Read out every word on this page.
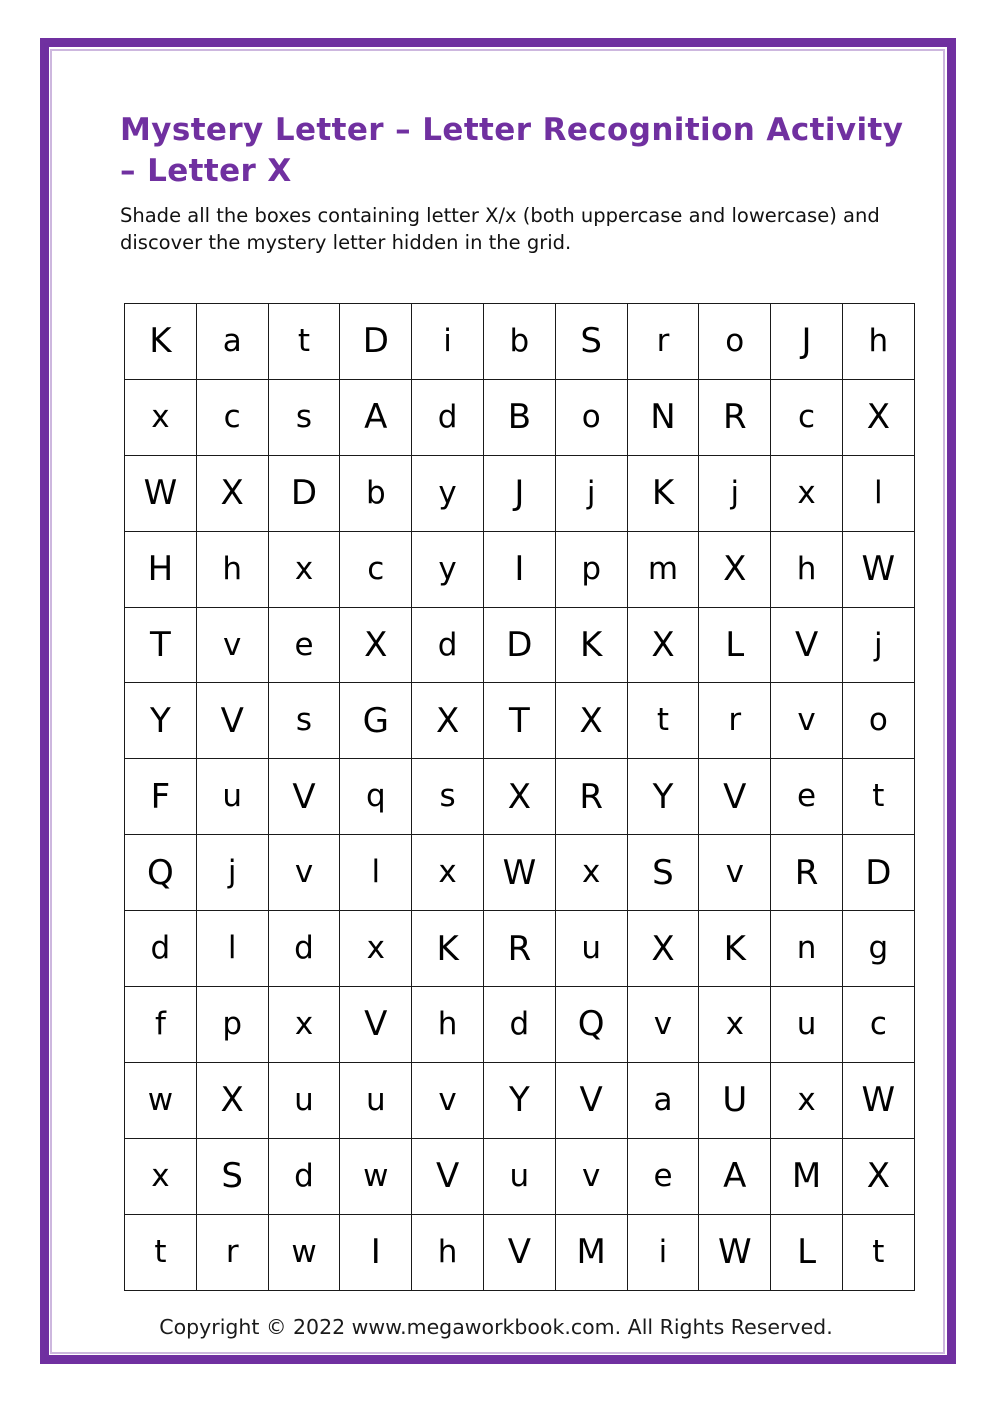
Mystery Letter – Letter Recognition Activity – Letter X

Shade all the boxes containing letter X/x (both uppercase and lowercase) and discover the mystery letter hidden in the grid.

K	a	t	D	i	b	S	r	o	J	h
x	c	s	A	d	B	o	N	R	c	X
W	X	D	b	y	J	j	K	j	x	l
H	h	x	c	y	I	p	m	X	h	W
T	v	e	X	d	D	K	X	L	V	j
Y	V	s	G	X	T	X	t	r	v	o
F	u	V	q	s	X	R	Y	V	e	t
Q	j	v	l	x	W	x	S	v	R	D
d	l	d	x	K	R	u	X	K	n	g
f	p	x	V	h	d	Q	v	x	u	c
w	X	u	u	v	Y	V	a	U	x	W
x	S	d	w	V	u	v	e	A	M	X
t	r	w	I	h	V	M	i	W	L	t
Copyright © 2022 www.megaworkbook.com. All Rights Reserved.
